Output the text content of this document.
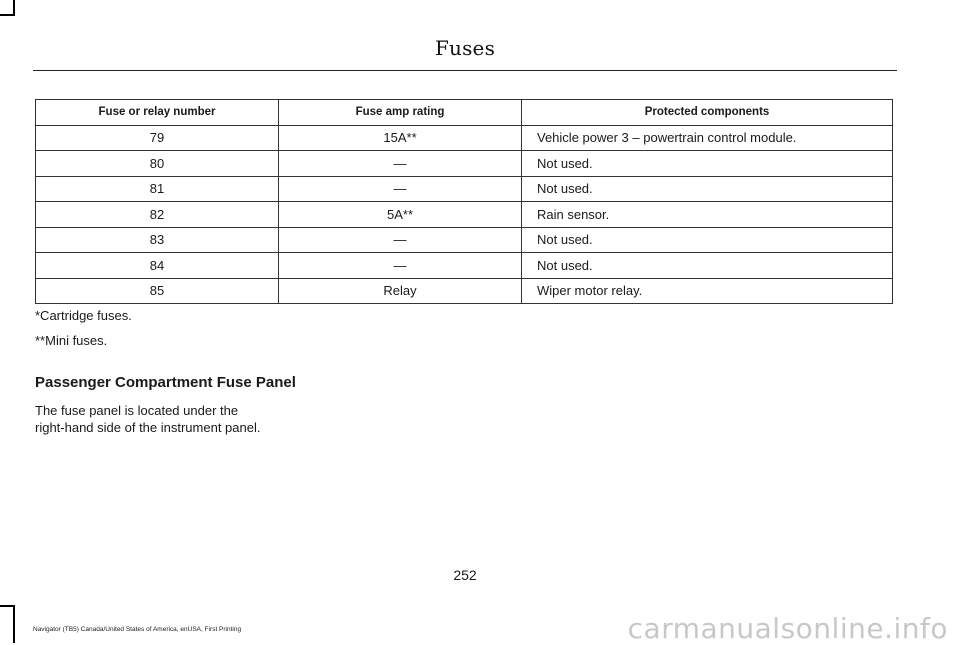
Fuses
Fuse or relay number	Fuse amp rating	Protected components
79	15A**	Vehicle power 3 – powertrain control module.
80	—	Not used.
81	—	Not used.
82	5A**	Rain sensor.
83	—	Not used.
84	—	Not used.
85	Relay	Wiper motor relay.
*Cartridge fuses.
**Mini fuses.
Passenger Compartment Fuse Panel
The fuse panel is located under the
right-hand side of the instrument panel.
252
Navigator (TB5) Canada/United States of America, enUSA, First Printing	carmanualsonline.info
